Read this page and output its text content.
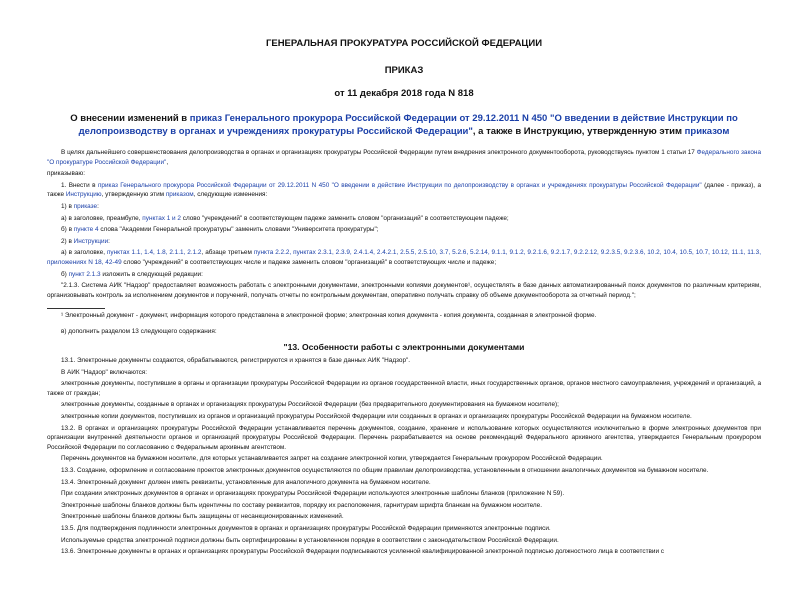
ГЕНЕРАЛЬНАЯ ПРОКУРАТУРА РОССИЙСКОЙ ФЕДЕРАЦИИ
ПРИКАЗ
от 11 декабря 2018 года N 818
О внесении изменений в приказ Генерального прокурора Российской Федерации от 29.12.2011 N 450 "О введении в действие Инструкции по делопроизводству в органах и учреждениях прокуратуры Российской Федерации", а также в Инструкцию, утвержденную этим приказом

В целях дальнейшего совершенствования делопроизводства в органах и организациях прокуратуры Российской Федерации путем внедрения электронного документооборота, руководствуясь пунктом 1 статьи 17 Федерального закона "О прокуратуре Российской Федерации",

приказываю:

1. Внести в приказ Генерального прокурора Российской Федерации от 29.12.2011 N 450 "О введении в действие Инструкции по делопроизводству в органах и учреждениях прокуратуры Российской Федерации" (далее - приказ), а также Инструкцию, утвержденную этим приказом, следующие изменения:

1) в приказе:

а) в заголовке, преамбуле, пунктах 1 и 2 слово "учреждений" в соответствующем падеже заменить словом "организаций" в соответствующем падеже;

б) в пункте 4 слова "Академии Генеральной прокуратуры" заменить словами "Университета прокуратуры";

2) в Инструкции:

а) в заголовке, пунктах 1.1, 1.4, 1.8, 2.1.1, 2.1.2, абзаце третьем пункта 2.2.2, пунктах 2.3.1, 2.3.9, 2.4.1.4, 2.4.2.1, 2.5.5, 2.5.10, 3.7, 5.2.6, 5.2.14, 9.1.1, 9.1.2, 9.2.1.6, 9.2.1.7, 9.2.2.12, 9.2.3.5, 9.2.3.6, 10.2, 10.4, 10.5, 10.7, 10.12, 11.1, 11.3, приложениях N 18, 42-49 слово "учреждений" в соответствующих числе и падеже заменить словом "организаций" в соответствующих числе и падеже;

б) пункт 2.1.3 изложить в следующей редакции:

"2.1.3. Система АИК "Надзор" предоставляет возможность работать с электронными документами, электронными копиями документов¹, осуществлять в базе данных автоматизированный поиск документов по различным критериям, организовывать контроль за исполнением документов и поручений, получать отчеты по контрольным документам, оперативно получать справку об объеме документооборота за отчетный период.";

¹ Электронный документ - документ, информация которого представлена в электронной форме; электронная копия документа - копия документа, созданная в электронной форме.

в) дополнить разделом 13 следующего содержания:

"13. Особенности работы с электронными документами

13.1. Электронные документы создаются, обрабатываются, регистрируются и хранятся в базе данных АИК "Надзор".

В АИК "Надзор" включаются:

электронные документы, поступившие в органы и организации прокуратуры Российской Федерации из органов государственной власти, иных государственных органов, органов местного самоуправления, учреждений и организаций, а также от граждан;

электронные документы, созданные в органах и организациях прокуратуры Российской Федерации (без предварительного документирования на бумажном носителе);

электронные копии документов, поступивших из органов и организаций прокуратуры Российской Федерации или созданных в органах и организациях прокуратуры Российской Федерации на бумажном носителе.

13.2. В органах и организациях прокуратуры Российской Федерации устанавливается перечень документов, создание, хранение и использование которых осуществляются исключительно в форме электронных документов при организации внутренней деятельности органов и организаций прокуратуры Российской Федерации. Перечень разрабатывается на основе рекомендаций Федерального архивного агентства, утверждается Генеральным прокурором Российской Федерации по согласованию с Федеральным архивным агентством.

Перечень документов на бумажном носителе, для которых устанавливается запрет на создание электронной копии, утверждается Генеральным прокурором Российской Федерации.

13.3. Создание, оформление и согласование проектов электронных документов осуществляются по общим правилам делопроизводства, установленным в отношении аналогичных документов на бумажном носителе.

13.4. Электронный документ должен иметь реквизиты, установленные для аналогичного документа на бумажном носителе.

При создании электронных документов в органах и организациях прокуратуры Российской Федерации используются электронные шаблоны бланков (приложение N 59).

Электронные шаблоны бланков должны быть идентичны по составу реквизитов, порядку их расположения, гарнитурам шрифта бланкам на бумажном носителе.

Электронные шаблоны бланков должны быть защищены от несанкционированных изменений.

13.5. Для подтверждения подлинности электронных документов в органах и организациях прокуратуры Российской Федерации применяются электронные подписи.

Используемые средства электронной подписи должны быть сертифицированы в установленном порядке в соответствии с законодательством Российской Федерации.

13.6. Электронные документы в органах и организациях прокуратуры Российской Федерации подписываются усиленной квалифицированной электронной подписью должностного лица в соответствии с
